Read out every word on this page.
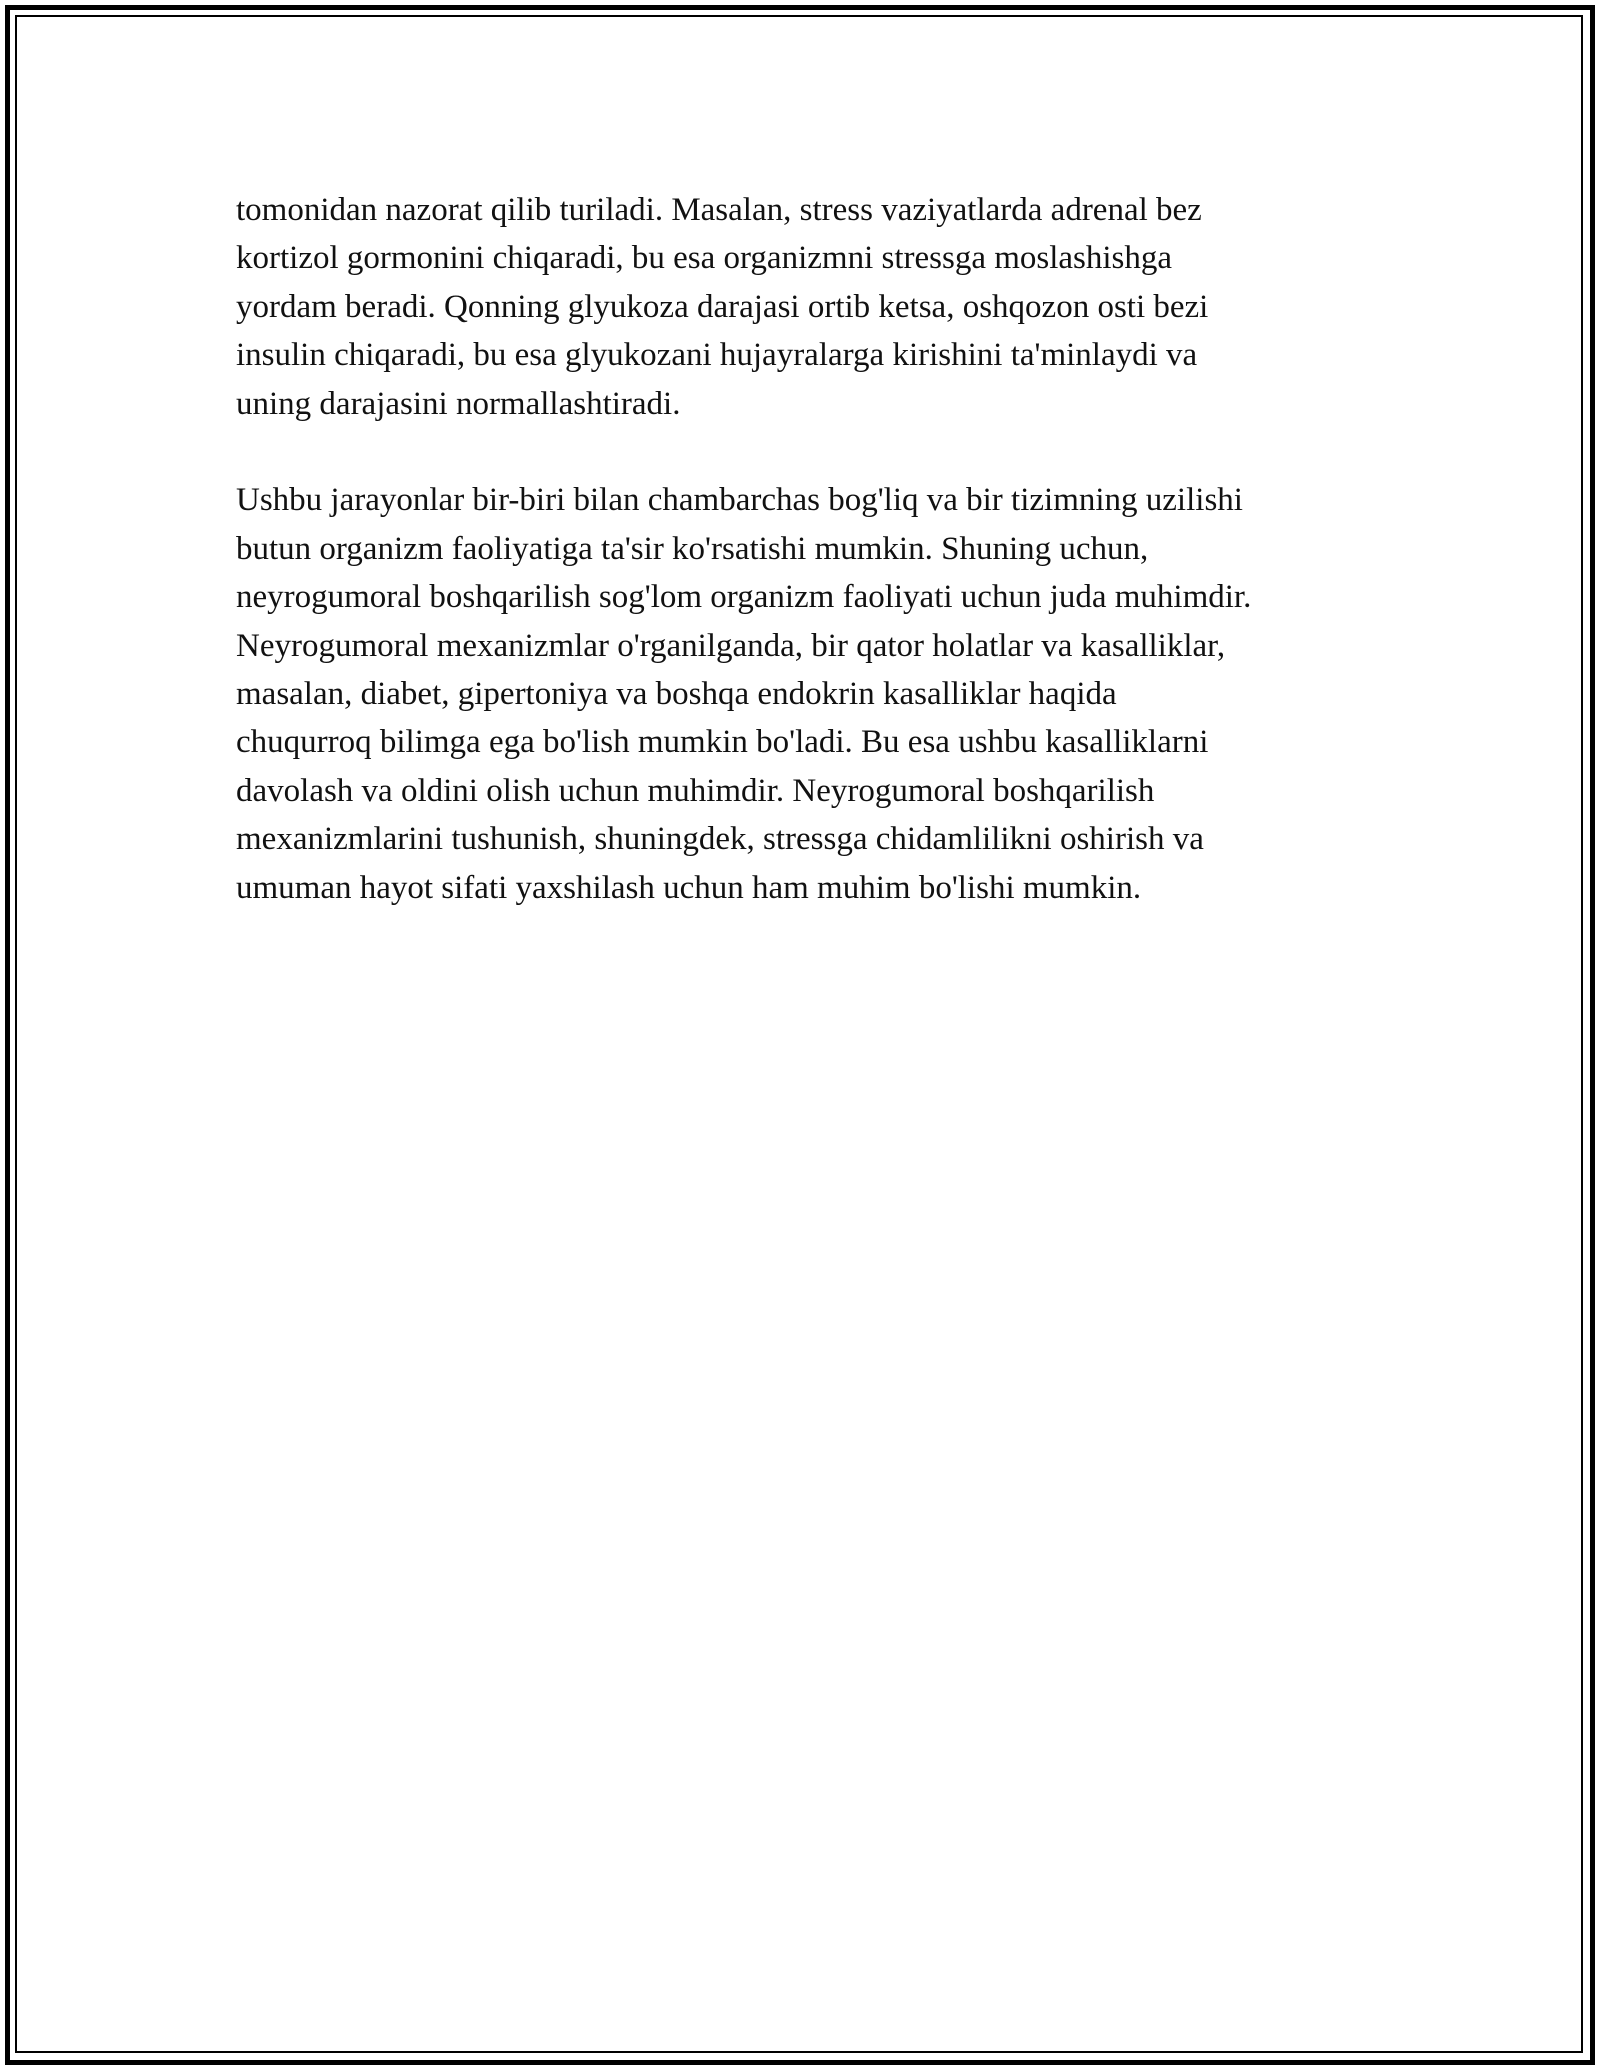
tomonidan nazorat qilib turiladi. Masalan, stress vaziyatlarda adrenal bez
kortizol gormonini chiqaradi, bu esa organizmni stressga moslashishga
yordam beradi. Qonning glyukoza darajasi ortib ketsa, oshqozon osti bezi
insulin chiqaradi, bu esa glyukozani hujayralarga kirishini ta'minlaydi va
uning darajasini normallashtiradi.

Ushbu jarayonlar bir-biri bilan chambarchas bog'liq va bir tizimning uzilishi
butun organizm faoliyatiga ta'sir ko'rsatishi mumkin. Shuning uchun,
neyrogumoral boshqarilish sog'lom organizm faoliyati uchun juda muhimdir.
Neyrogumoral mexanizmlar o'rganilganda, bir qator holatlar va kasalliklar,
masalan, diabet, gipertoniya va boshqa endokrin kasalliklar haqida
chuqurroq bilimga ega bo'lish mumkin bo'ladi. Bu esa ushbu kasalliklarni
davolash va oldini olish uchun muhimdir. Neyrogumoral boshqarilish
mexanizmlarini tushunish, shuningdek, stressga chidamlilikni oshirish va
umuman hayot sifati yaxshilash uchun ham muhim bo'lishi mumkin.
